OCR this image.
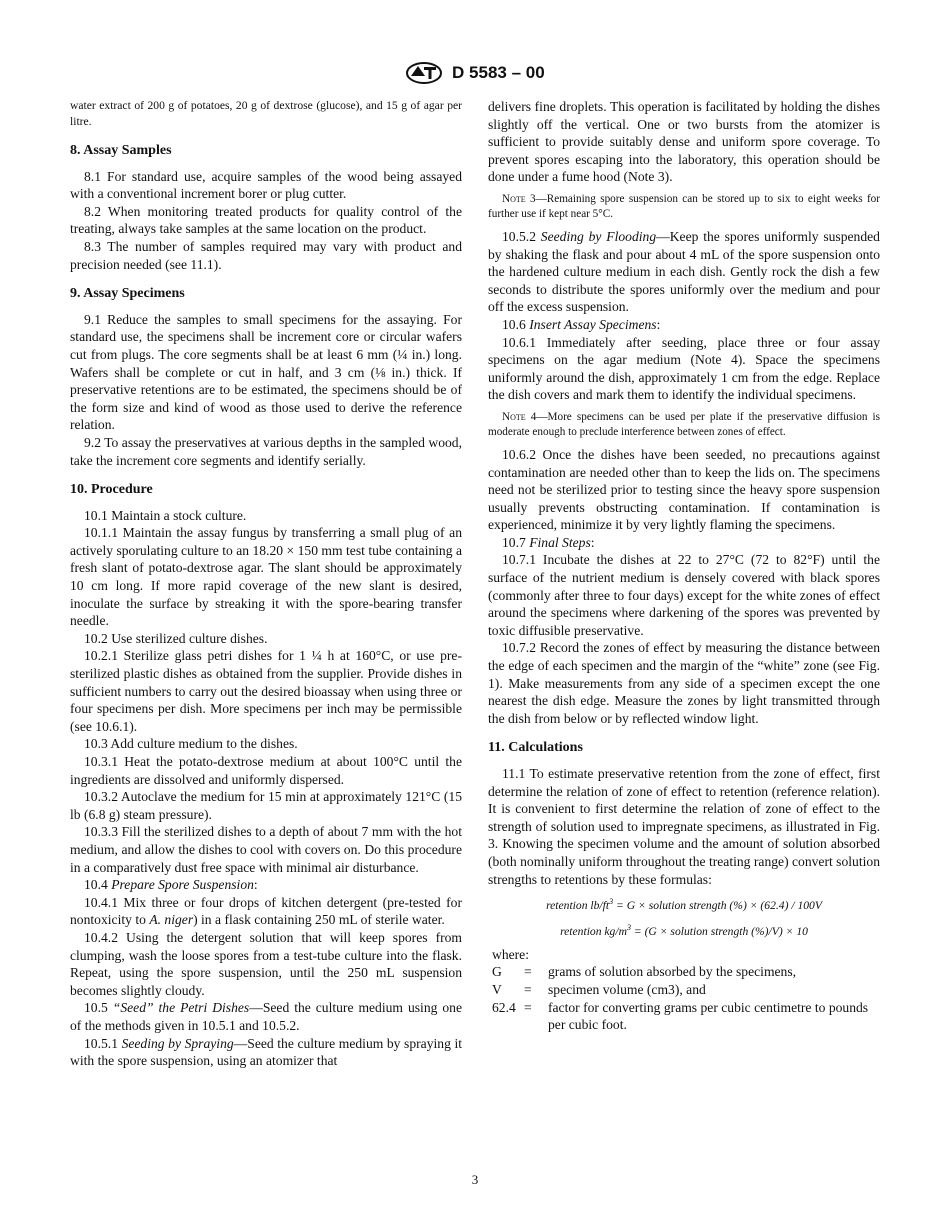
D 5583 – 00

water extract of 200 g of potatoes, 20 g of dextrose (glucose), and 15 g of agar per litre.

8. Assay Samples

8.1 For standard use, acquire samples of the wood being assayed with a conventional increment borer or plug cutter.

8.2 When monitoring treated products for quality control of the treating, always take samples at the same location on the product.

8.3 The number of samples required may vary with product and precision needed (see 11.1).

9. Assay Specimens

9.1 Reduce the samples to small specimens for the assaying. For standard use, the specimens shall be increment core or circular wafers cut from plugs. The core segments shall be at least 6 mm (¼ in.) long. Wafers shall be complete or cut in half, and 3 cm (⅛ in.) thick. If preservative retentions are to be estimated, the specimens should be of the form size and kind of wood as those used to derive the reference relation.

9.2 To assay the preservatives at various depths in the sampled wood, take the increment core segments and identify serially.

10. Procedure

10.1 Maintain a stock culture.

10.1.1 Maintain the assay fungus by transferring a small plug of an actively sporulating culture to an 18.20 × 150 mm test tube containing a fresh slant of potato-dextrose agar. The slant should be approximately 10 cm long. If more rapid coverage of the new slant is desired, inoculate the surface by streaking it with the spore-bearing transfer needle.

10.2 Use sterilized culture dishes.

10.2.1 Sterilize glass petri dishes for 1 ¼ h at 160°C, or use pre-sterilized plastic dishes as obtained from the supplier. Provide dishes in sufficient numbers to carry out the desired bioassay when using three or four specimens per dish. More specimens per inch may be permissible (see 10.6.1).

10.3 Add culture medium to the dishes.

10.3.1 Heat the potato-dextrose medium at about 100°C until the ingredients are dissolved and uniformly dispersed.

10.3.2 Autoclave the medium for 15 min at approximately 121°C (15 lb (6.8 g) steam pressure).

10.3.3 Fill the sterilized dishes to a depth of about 7 mm with the hot medium, and allow the dishes to cool with covers on. Do this procedure in a comparatively dust free space with minimal air disturbance.

10.4 Prepare Spore Suspension:

10.4.1 Mix three or four drops of kitchen detergent (pre-tested for nontoxicity to A. niger) in a flask containing 250 mL of sterile water.

10.4.2 Using the detergent solution that will keep spores from clumping, wash the loose spores from a test-tube culture into the flask. Repeat, using the spore suspension, until the 250 mL suspension becomes slightly cloudy.

10.5 “Seed” the Petri Dishes—Seed the culture medium using one of the methods given in 10.5.1 and 10.5.2.

10.5.1 Seeding by Spraying—Seed the culture medium by spraying it with the spore suspension, using an atomizer that

delivers fine droplets. This operation is facilitated by holding the dishes slightly off the vertical. One or two bursts from the atomizer is sufficient to provide suitably dense and uniform spore coverage. To prevent spores escaping into the laboratory, this operation should be done under a fume hood (Note 3).

Note 3—Remaining spore suspension can be stored up to six to eight weeks for further use if kept near 5°C.

10.5.2 Seeding by Flooding—Keep the spores uniformly suspended by shaking the flask and pour about 4 mL of the spore suspension onto the hardened culture medium in each dish. Gently rock the dish a few seconds to distribute the spores uniformly over the medium and pour off the excess suspension.

10.6 Insert Assay Specimens:

10.6.1 Immediately after seeding, place three or four assay specimens on the agar medium (Note 4). Space the specimens uniformly around the dish, approximately 1 cm from the edge. Replace the dish covers and mark them to identify the individual specimens.

Note 4—More specimens can be used per plate if the preservative diffusion is moderate enough to preclude interference between zones of effect.

10.6.2 Once the dishes have been seeded, no precautions against contamination are needed other than to keep the lids on. The specimens need not be sterilized prior to testing since the heavy spore suspension usually prevents obstructing contamination. If contamination is experienced, minimize it by very lightly flaming the specimens.

10.7 Final Steps:

10.7.1 Incubate the dishes at 22 to 27°C (72 to 82°F) until the surface of the nutrient medium is densely covered with black spores (commonly after three to four days) except for the white zones of effect around the specimens where darkening of the spores was prevented by toxic diffusible preservative.

10.7.2 Record the zones of effect by measuring the distance between the edge of each specimen and the margin of the “white” zone (see Fig. 1). Make measurements from any side of a specimen except the one nearest the dish edge. Measure the zones by light transmitted through the dish from below or by reflected window light.

11. Calculations

11.1 To estimate preservative retention from the zone of effect, first determine the relation of zone of effect to retention (reference relation). It is convenient to first determine the relation of zone of effect to the strength of solution used to impregnate specimens, as illustrated in Fig. 3. Knowing the specimen volume and the amount of solution absorbed (both nominally uniform throughout the treating range) convert solution strengths to retentions by these formulas:

retention $lb/ft^3 = G$ × solution strength (%) × (62.4) / 100V
retention $kg/m^3 = (G$ × solution strength (%)/V) × 10
where:
G	=	grams of solution absorbed by the specimens,
V	=	specimen volume (cm3), and
62.4 =	factor for converting grams per cubic centimetre to pounds per cubic foot.
3
